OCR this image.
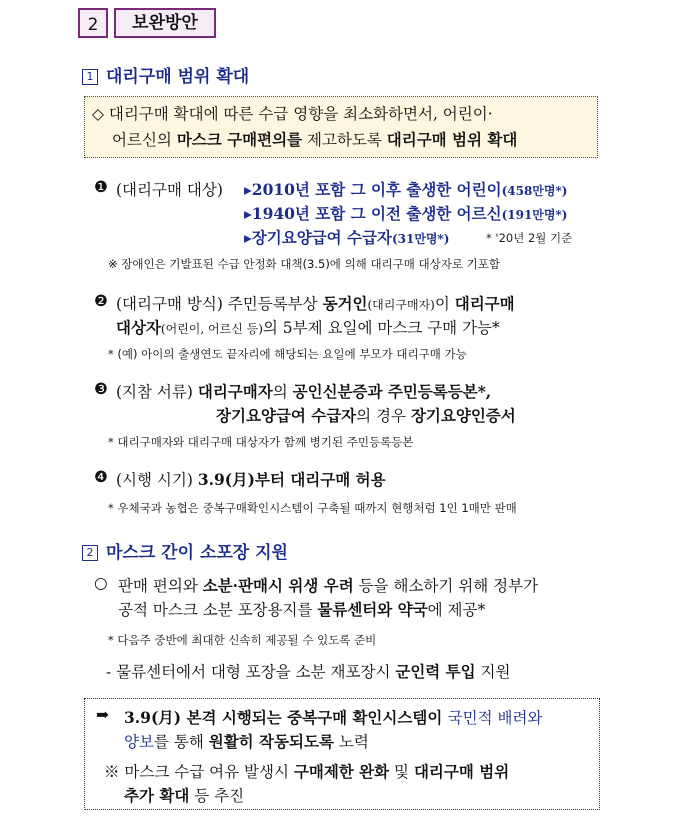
2	보완방안
1 대리구매 범위 확대
◇ 대리구매 확대에 따른 수급 영향을 최소화하면서, 어린이·
어르신의 마스크 구매편의를 제고하도록 대리구매 범위 확대
❶ (대리구매 대상) ▸2010년 포함 그 이후 출생한 어린이(458만명*)
▸1940년 포함 그 이전 출생한 어르신(191만명*)
▸장기요양급여 수급자(31만명*)	* '20년 2월 기준
※ 장애인은 기발표된 수급 안정화 대책(3.5)에 의해 대리구매 대상자로 기포함
❷ (대리구매 방식) 주민등록부상 동거인(대리구매자)이 대리구매
대상자(어린이, 어르신 등)의 5부제 요일에 마스크 구매 가능*
* (예) 아이의 출생연도 끝자리에 해당되는 요일에 부모가 대리구매 가능
❸ (지참 서류) 대리구매자의 공인신분증과 주민등록등본*,
장기요양급여 수급자의 경우 장기요양인증서
* 대리구매자와 대리구매 대상자가 함께 병기된 주민등록등본
❹ (시행 시기) 3.9(月)부터 대리구매 허용
* 우체국과 농협은 중복구매확인시스템이 구축될 때까지 현행처럼 1인 1매만 판매
2 마스크 간이 소포장 지원
○ 판매 편의와 소분·판매시 위생 우려 등을 해소하기 위해 정부가
공적 마스크 소분 포장용지를 물류센터와 약국에 제공*
* 다음주 중반에 최대한 신속히 제공될 수 있도록 준비
- 물류센터에서 대형 포장을 소분 재포장시 군인력 투입 지원
➡ 3.9(月) 본격 시행되는 중복구매 확인시스템이 국민적 배려와
양보를 통해 원활히 작동되도록 노력
※ 마스크 수급 여유 발생시 구매제한 완화 및 대리구매 범위
추가 확대 등 추진
